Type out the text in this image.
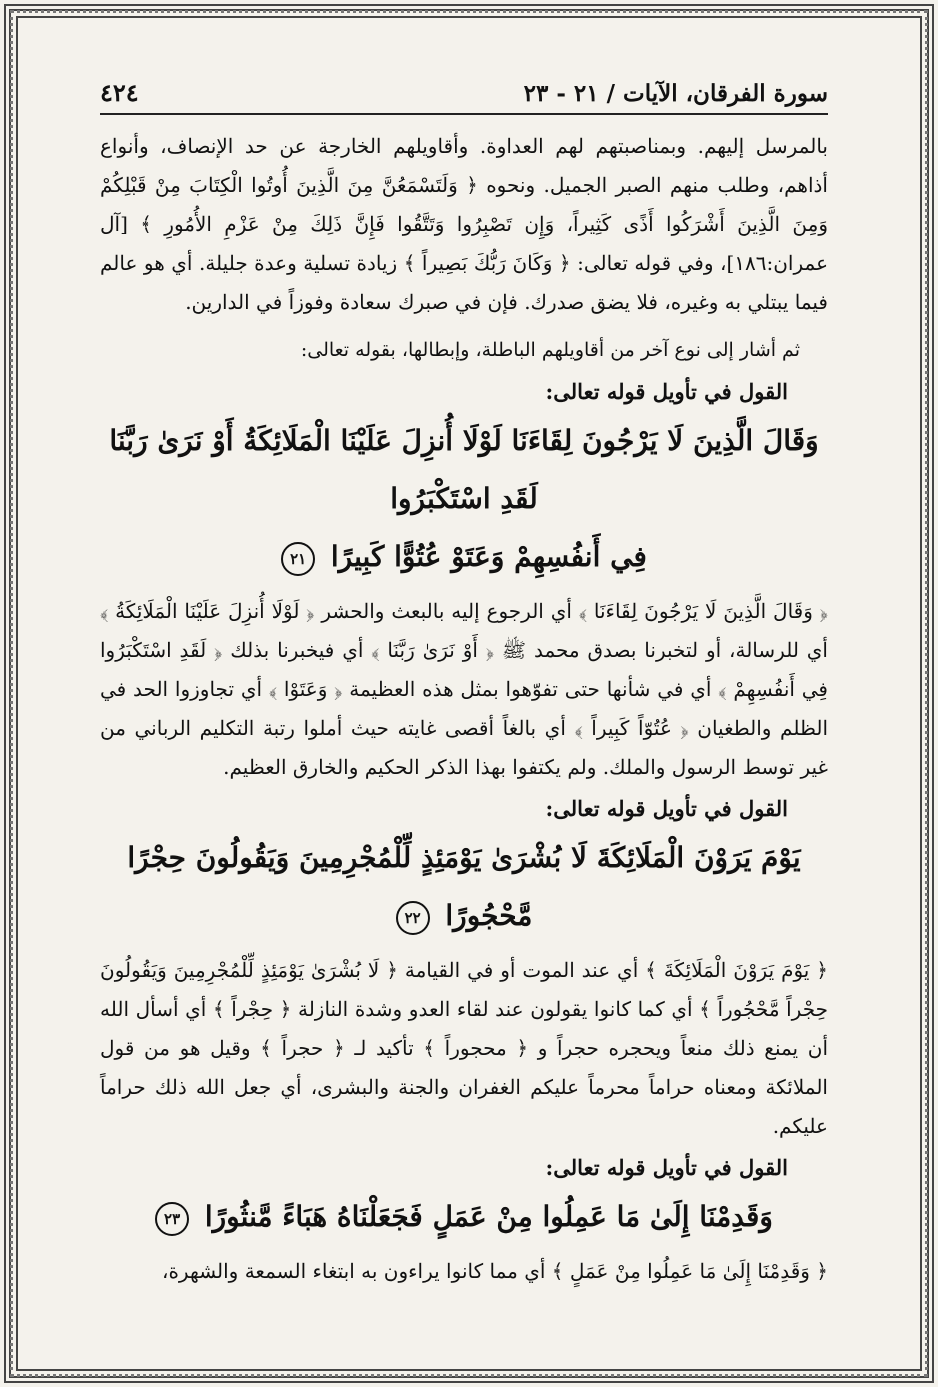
سورة الفرقان، الآيات / ٢١ - ٢٣
٤٢٤

بالمرسل إليهم. وبمناصبتهم لهم العداوة. وأقاويلهم الخارجة عن حد الإنصاف، وأنواع أذاهم، وطلب منهم الصبر الجميل. ونحوه ﴿ وَلَتَسْمَعُنَّ مِنَ الَّذِينَ أُوتُوا الْكِتَابَ مِنْ قَبْلِكُمْ وَمِنَ الَّذِينَ أَشْرَكُوا أَذًى كَثِيراً، وَإِن تَصْبِرُوا وَتَتَّقُوا فَإِنَّ ذَلِكَ مِنْ عَزْمِ الأُمُورِ ﴾ [آل عمران:١٨٦]، وفي قوله تعالى: ﴿ وَكَانَ رَبُّكَ بَصِيراً ﴾ زيادة تسلية وعدة جليلة. أي هو عالم فيما يبتلي به وغيره، فلا يضق صدرك. فإن في صبرك سعادة وفوزاً في الدارين.

ثم أشار إلى نوع آخر من أقاويلهم الباطلة، وإبطالها، بقوله تعالى:

القول في تأويل قوله تعالى:
وَقَالَ الَّذِينَ لَا يَرْجُونَ لِقَاءَنَا لَوْلَا أُنزِلَ عَلَيْنَا الْمَلَائِكَةُ أَوْ نَرَىٰ رَبَّنَا لَقَدِ اسْتَكْبَرُوا
فِي أَنفُسِهِمْ وَعَتَوْ عُتُوًّا كَبِيرًا ٢١

﴿ وَقَالَ الَّذِينَ لَا يَرْجُونَ لِقَاءَنَا ﴾ أي الرجوع إليه بالبعث والحشر ﴿ لَوْلَا أُنزِلَ عَلَيْنَا الْمَلَائِكَةُ ﴾ أي للرسالة، أو لتخبرنا بصدق محمد ﷺ ﴿ أَوْ نَرَىٰ رَبَّنَا ﴾ أي فيخبرنا بذلك ﴿ لَقَدِ اسْتَكْبَرُوا فِي أَنفُسِهِمْ ﴾ أي في شأنها حتى تفوّهوا بمثل هذه العظيمة ﴿ وَعَتَوْا ﴾ أي تجاوزوا الحد في الظلم والطغيان ﴿ عُتُوّاً كَبِيراً ﴾ أي بالغاً أقصى غايته حيث أملوا رتبة التكليم الرباني من غير توسط الرسول والملك. ولم يكتفوا بهذا الذكر الحكيم والخارق العظيم.

القول في تأويل قوله تعالى:
يَوْمَ يَرَوْنَ الْمَلَائِكَةَ لَا بُشْرَىٰ يَوْمَئِذٍ لِّلْمُجْرِمِينَ وَيَقُولُونَ حِجْرًا مَّحْجُورًا ٢٢

﴿ يَوْمَ يَرَوْنَ الْمَلَائِكَةَ ﴾ أي عند الموت أو في القيامة ﴿ لَا بُشْرَىٰ يَوْمَئِذٍ لِّلْمُجْرِمِينَ وَيَقُولُونَ حِجْراً مَّحْجُوراً ﴾ أي كما كانوا يقولون عند لقاء العدو وشدة النازلة ﴿ حِجْراً ﴾ أي أسأل الله أن يمنع ذلك منعاً ويحجره حجراً و ﴿ محجوراً ﴾ تأكيد لـ ﴿ حجراً ﴾ وقيل هو من قول الملائكة ومعناه حراماً محرماً عليكم الغفران والجنة والبشرى، أي جعل الله ذلك حراماً عليكم.

القول في تأويل قوله تعالى:
وَقَدِمْنَا إِلَىٰ مَا عَمِلُوا مِنْ عَمَلٍ فَجَعَلْنَاهُ هَبَاءً مَّنثُورًا ٢٣

﴿ وَقَدِمْنَا إِلَىٰ مَا عَمِلُوا مِنْ عَمَلٍ ﴾ أي مما كانوا يراءون به ابتغاء السمعة والشهرة،
